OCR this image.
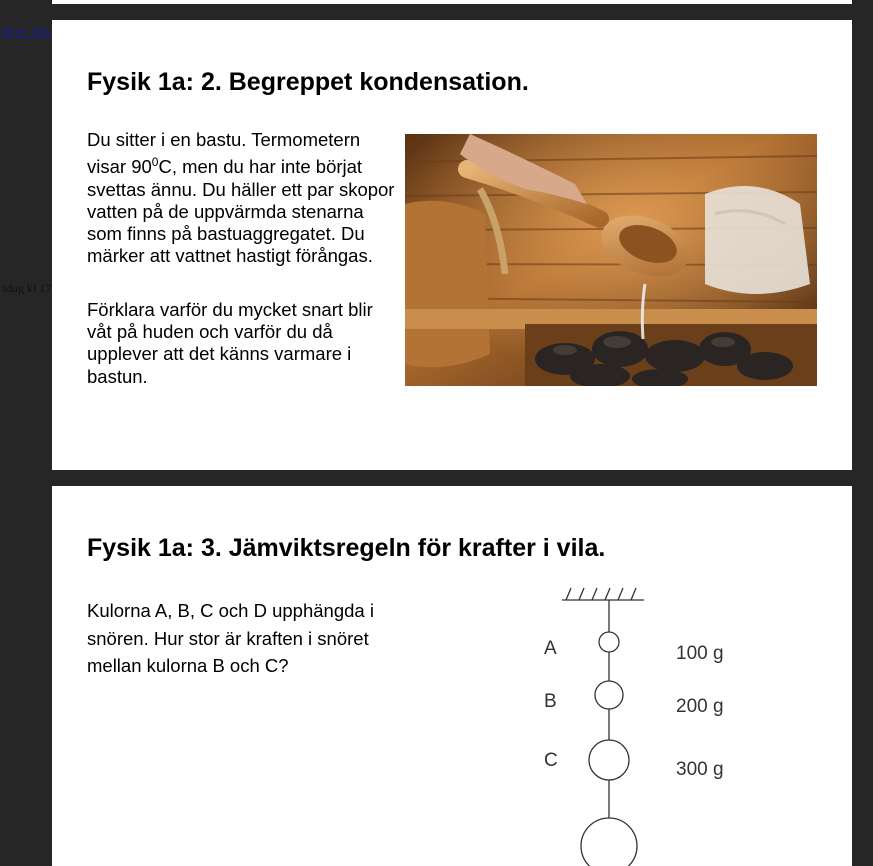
drive_link
sdag kl 17
Fysik 1a: 2. Begreppet kondensation.

Du sitter i en bastu. Termometern visar $90^0C$, men du har inte börjat svettas ännu. Du häller ett par skopor vatten på de uppvärmda stenarna som finns på bastuaggregatet. Du märker att vattnet hastigt förångas.

Förklara varför du mycket snart blir våt på huden och varför du då upplever att det känns varmare i bastun.

Fysik 1a: 3. Jämviktsregeln för krafter i vila.

Kulorna A, B, C och D upphängda i snören. Hur stor är kraften i snöret mellan kulorna B och C?

A
B
C
100 g
200 g
300 g
